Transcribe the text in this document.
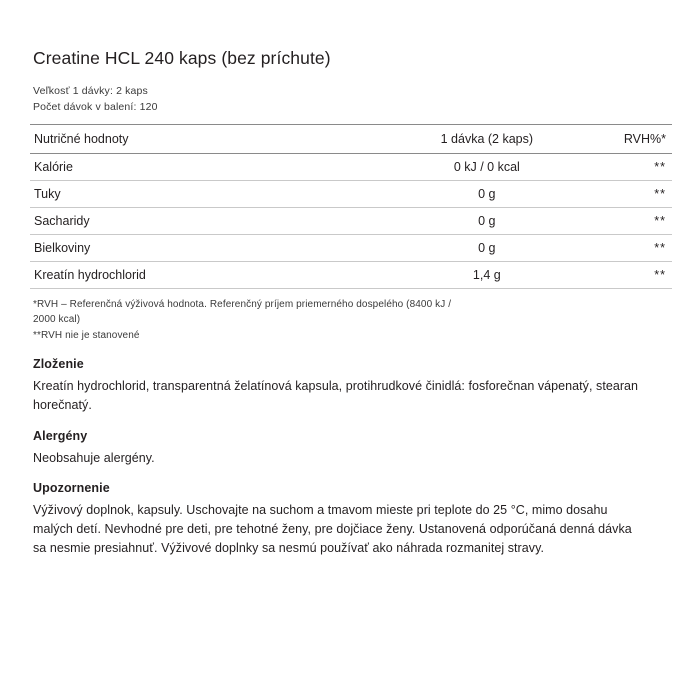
Creatine HCL 240 kaps (bez príchute)
Veľkosť 1 dávky: 2 kaps
Počet dávok v balení: 120
Nutričné hodnoty	1 dávka (2 kaps)	RVH%*
Kalórie	0 kJ / 0 kcal	**
Tuky	0 g	**
Sacharidy	0 g	**
Bielkoviny	0 g	**
Kreatín hydrochlorid	1,4 g	**
*RVH – Referenčná výživová hodnota. Referenčný príjem priemerného dospelého (8400 kJ /
2000 kcal)
**RVH nie je stanovené
Zloženie
Kreatín hydrochlorid, transparentná želatínová kapsula, protihrudkové činidlá: fosforečnan vápenatý, stearan horečnatý.
Alergény
Neobsahuje alergény.
Upozornenie
Výživový doplnok, kapsuly. Uschovajte na suchom a tmavom mieste pri teplote do 25 °C, mimo dosahu malých detí. Nevhodné pre deti, pre tehotné ženy, pre dojčiace ženy. Ustanovená odporúčaná denná dávka sa nesmie presiahnuť. Výživové doplnky sa nesmú používať ako náhrada rozmanitej stravy.
